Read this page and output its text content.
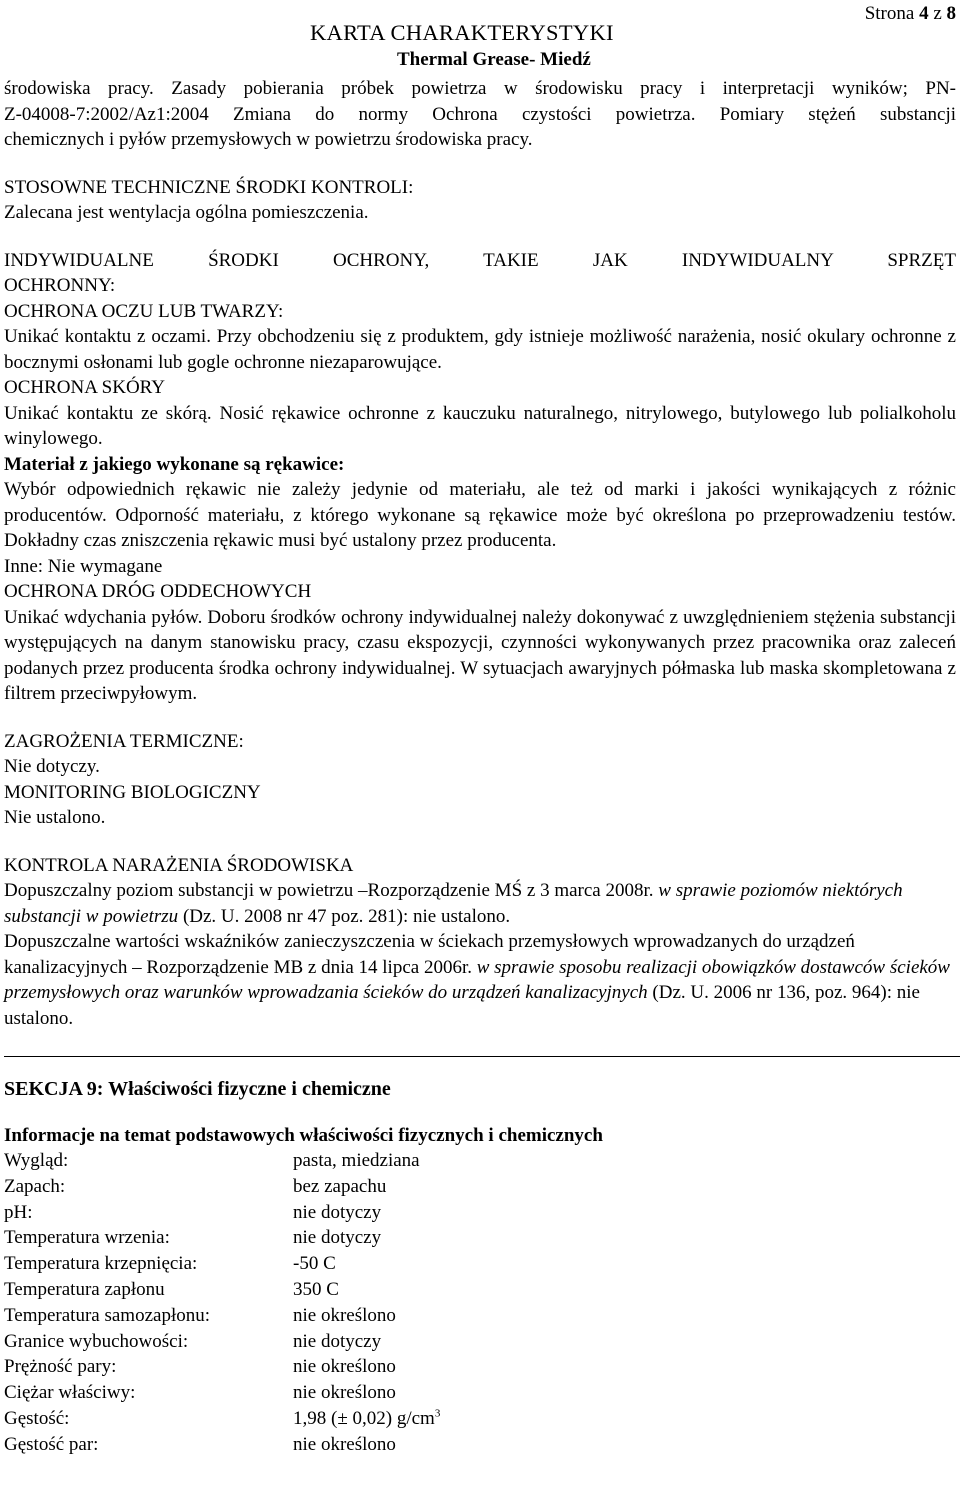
Strona 4 z 8
KARTA CHARAKTERYSTYKI
Thermal Grease- Miedź

środowiska pracy. Zasady pobierania próbek powietrza w środowisku pracy i interpretacji wyników; PN-

Z-04008-7:2002/Az1:2004 Zmiana do normy Ochrona czystości powietrza. Pomiary stężeń substancji

chemicznych i pyłów przemysłowych w powietrzu środowiska pracy.

STOSOWNE TECHNICZNE ŚRODKI KONTROLI:

Zalecana jest wentylacja ogólna pomieszczenia.

INDYWIDUALNE ŚRODKI OCHRONY, TAKIE JAK INDYWIDUALNY SPRZĘT

OCHRONNY:

OCHRONA OCZU LUB TWARZY:

Unikać kontaktu z oczami. Przy obchodzeniu się z produktem, gdy istnieje możliwość narażenia, nosić okulary ochronne z bocznymi osłonami lub gogle ochronne niezaparowujące.

OCHRONA SKÓRY

Unikać kontaktu ze skórą. Nosić rękawice ochronne z kauczuku naturalnego, nitrylowego, butylowego lub polialkoholu winylowego.

Materiał z jakiego wykonane są rękawice:

Wybór odpowiednich rękawic nie zależy jedynie od materiału, ale też od marki i jakości wynikających z różnic producentów. Odporność materiału, z którego wykonane są rękawice może być określona po przeprowadzeniu testów. Dokładny czas zniszczenia rękawic musi być ustalony przez producenta.

Inne: Nie wymagane

OCHRONA DRÓG ODDECHOWYCH

Unikać wdychania pyłów. Doboru środków ochrony indywidualnej należy dokonywać z uwzględnieniem stężenia substancji występujących na danym stanowisku pracy, czasu ekspozycji, czynności wykonywanych przez pracownika oraz zaleceń podanych przez producenta środka ochrony indywidualnej. W sytuacjach awaryjnych półmaska lub maska skompletowana z filtrem przeciwpyłowym.

ZAGROŻENIA TERMICZNE:

Nie dotyczy.

MONITORING BIOLOGICZNY

Nie ustalono.

KONTROLA NARAŻENIA ŚRODOWISKA

Dopuszczalny poziom substancji w powietrzu –Rozporządzenie MŚ z 3 marca 2008r. w sprawie poziomów niektórych substancji w powietrzu (Dz. U. 2008 nr 47 poz. 281): nie ustalono.

Dopuszczalne wartości wskaźników zanieczyszczenia w ściekach przemysłowych wprowadzanych do urządzeń kanalizacyjnych – Rozporządzenie MB z dnia 14 lipca 2006r. w sprawie sposobu realizacji obowiązków dostawców ścieków przemysłowych oraz warunków wprowadzania ścieków do urządzeń kanalizacyjnych (Dz. U. 2006 nr 136, poz. 964): nie ustalono.

SEKCJA 9: Właściwości fizyczne i chemiczne

Informacje na temat podstawowych właściwości fizycznych i chemicznych

Wygląd:	pasta, miedziana
Zapach:	bez zapachu
pH:	nie dotyczy
Temperatura wrzenia:	nie dotyczy
Temperatura krzepnięcia:	-50 C
Temperatura zapłonu	350 C
Temperatura samozapłonu:	nie określono
Granice wybuchowości:	nie dotyczy
Prężność pary:	nie określono
Ciężar właściwy:	nie określono
Gęstość:	1,98 (± 0,02) $g/cm^3$
Gęstość par:	nie określono
